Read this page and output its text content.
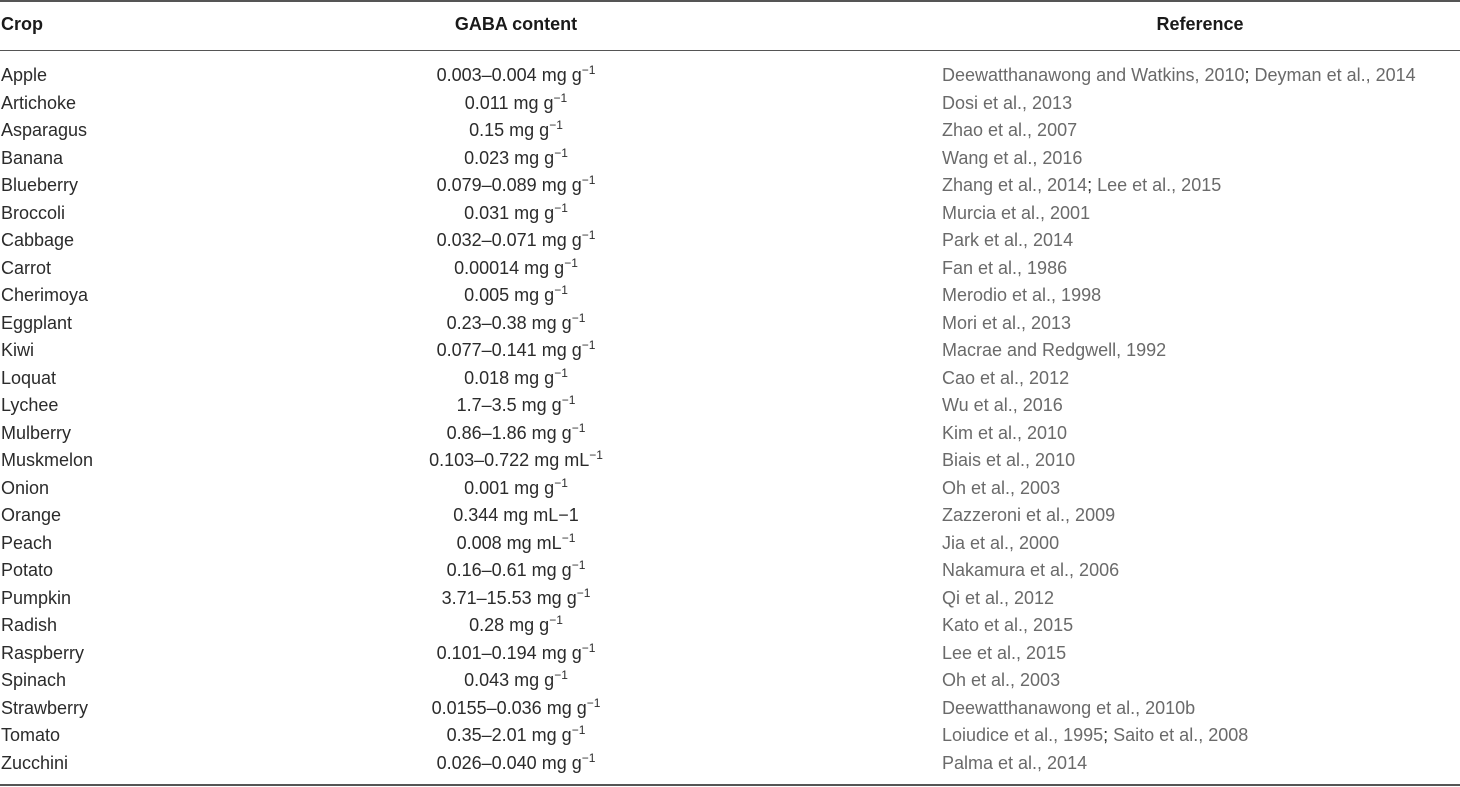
Crop	GABA content	Reference
Apple	0.003–0.004 mg $g^{-1}$	Deewatthanawong and Watkins, 2010; Deyman et al., 2014
Artichoke	0.011 mg $g^{-1}$	Dosi et al., 2013
Asparagus	0.15 mg $g^{-1}$	Zhao et al., 2007
Banana	0.023 mg $g^{-1}$	Wang et al., 2016
Blueberry	0.079–0.089 mg $g^{-1}$	Zhang et al., 2014; Lee et al., 2015
Broccoli	0.031 mg $g^{-1}$	Murcia et al., 2001
Cabbage	0.032–0.071 mg $g^{-1}$	Park et al., 2014
Carrot	0.00014 mg $g^{-1}$	Fan et al., 1986
Cherimoya	0.005 mg $g^{-1}$	Merodio et al., 1998
Eggplant	0.23–0.38 mg $g^{-1}$	Mori et al., 2013
Kiwi	0.077–0.141 mg $g^{-1}$	Macrae and Redgwell, 1992
Loquat	0.018 mg $g^{-1}$	Cao et al., 2012
Lychee	1.7–3.5 mg $g^{-1}$	Wu et al., 2016
Mulberry	0.86–1.86 mg $g^{-1}$	Kim et al., 2010
Muskmelon	0.103–0.722 mg $mL^{-1}$	Biais et al., 2010
Onion	0.001 mg $g^{-1}$	Oh et al., 2003
Orange	0.344 mg mL−1	Zazzeroni et al., 2009
Peach	0.008 mg $mL^{-1}$	Jia et al., 2000
Potato	0.16–0.61 mg $g^{-1}$	Nakamura et al., 2006
Pumpkin	3.71–15.53 mg $g^{-1}$	Qi et al., 2012
Radish	0.28 mg $g^{-1}$	Kato et al., 2015
Raspberry	0.101–0.194 mg $g^{-1}$	Lee et al., 2015
Spinach	0.043 mg $g^{-1}$	Oh et al., 2003
Strawberry	0.0155–0.036 mg $g^{-1}$	Deewatthanawong et al., 2010b
Tomato	0.35–2.01 mg $g^{-1}$	Loiudice et al., 1995; Saito et al., 2008
Zucchini	0.026–0.040 mg $g^{-1}$	Palma et al., 2014
